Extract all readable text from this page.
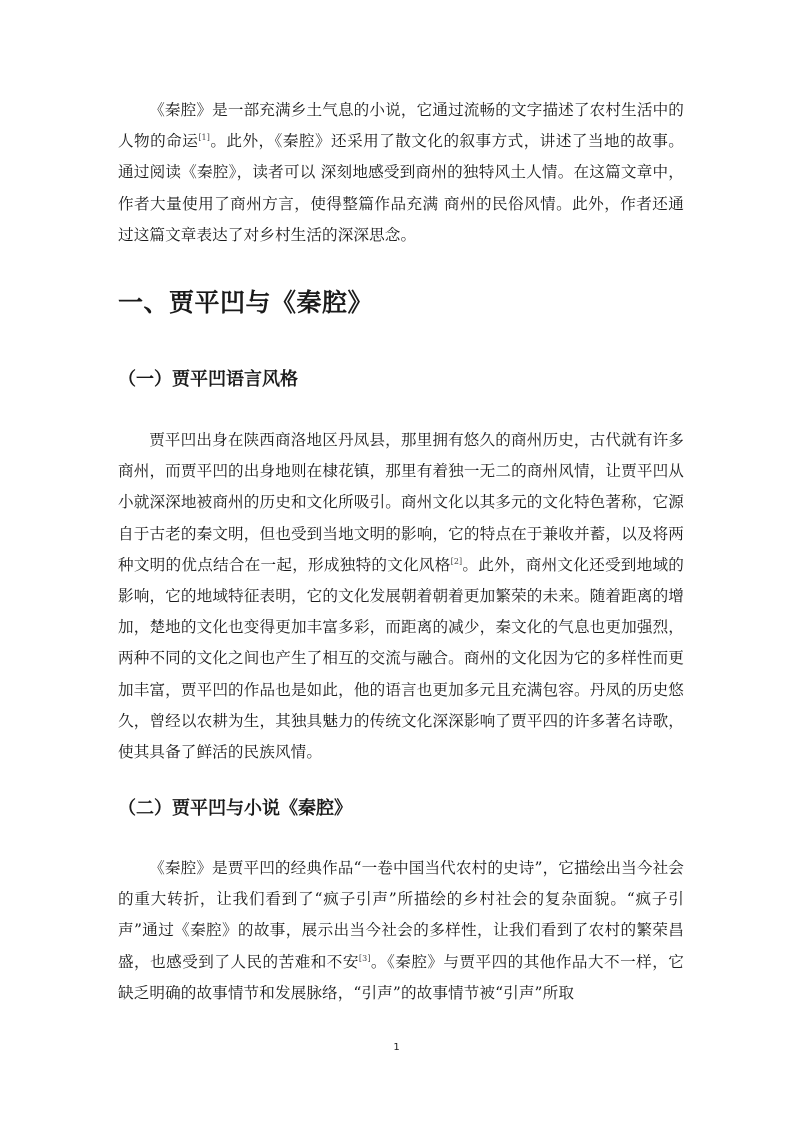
《秦腔》是一部充满乡土气息的小说，它通过流畅的文字描述了农村生活中的人物的命运[1]。此外，《秦腔》还采用了散文化的叙事方式，讲述了当地的故事。通过阅读《秦腔》，读者可以 深刻地感受到商州的独特风土人情。在这篇文章中，作者大量使用了商州方言，使得整篇作品充满 商州的民俗风情。此外，作者还通过这篇文章表达了对乡村生活的深深思念。

一、贾平凹与《秦腔》
（一）贾平凹语言风格

贾平凹出身在陕西商洛地区丹凤县，那里拥有悠久的商州历史，古代就有许多商州，而贾平凹的出身地则在棣花镇，那里有着独一无二的商州风情，让贾平凹从小就深深地被商州的历史和文化所吸引。商州文化以其多元的文化特色著称，它源自于古老的秦文明，但也受到当地文明的影响，它的特点在于兼收并蓄，以及将两种文明的优点结合在一起，形成独特的文化风格[2]。此外，商州文化还受到地域的影响，它的地域特征表明，它的文化发展朝着朝着更加繁荣的未来。随着距离的增加，楚地的文化也变得更加丰富多彩，而距离的减少，秦文化的气息也更加强烈，两种不同的文化之间也产生了相互的交流与融合。商州的文化因为它的多样性而更加丰富，贾平凹的作品也是如此，他的语言也更加多元且充满包容。丹凤的历史悠久，曾经以农耕为生，其独具魅力的传统文化深深影响了贾平四的许多著名诗歌，使其具备了鲜活的民族风情。

（二）贾平凹与小说《秦腔》

《秦腔》是贾平凹的经典作品“一卷中国当代农村的史诗”，它描绘出当今社会的重大转折，让我们看到了“疯子引声”所描绘的乡村社会的复杂面貌。“疯子引声”通过《秦腔》的故事，展示出当今社会的多样性，让我们看到了农村的繁荣昌盛，也感受到了人民的苦难和不安[3]。《秦腔》与贾平四的其他作品大不一样，它缺乏明确的故事情节和发展脉络，“引声”的故事情节被“引声”所取

1
